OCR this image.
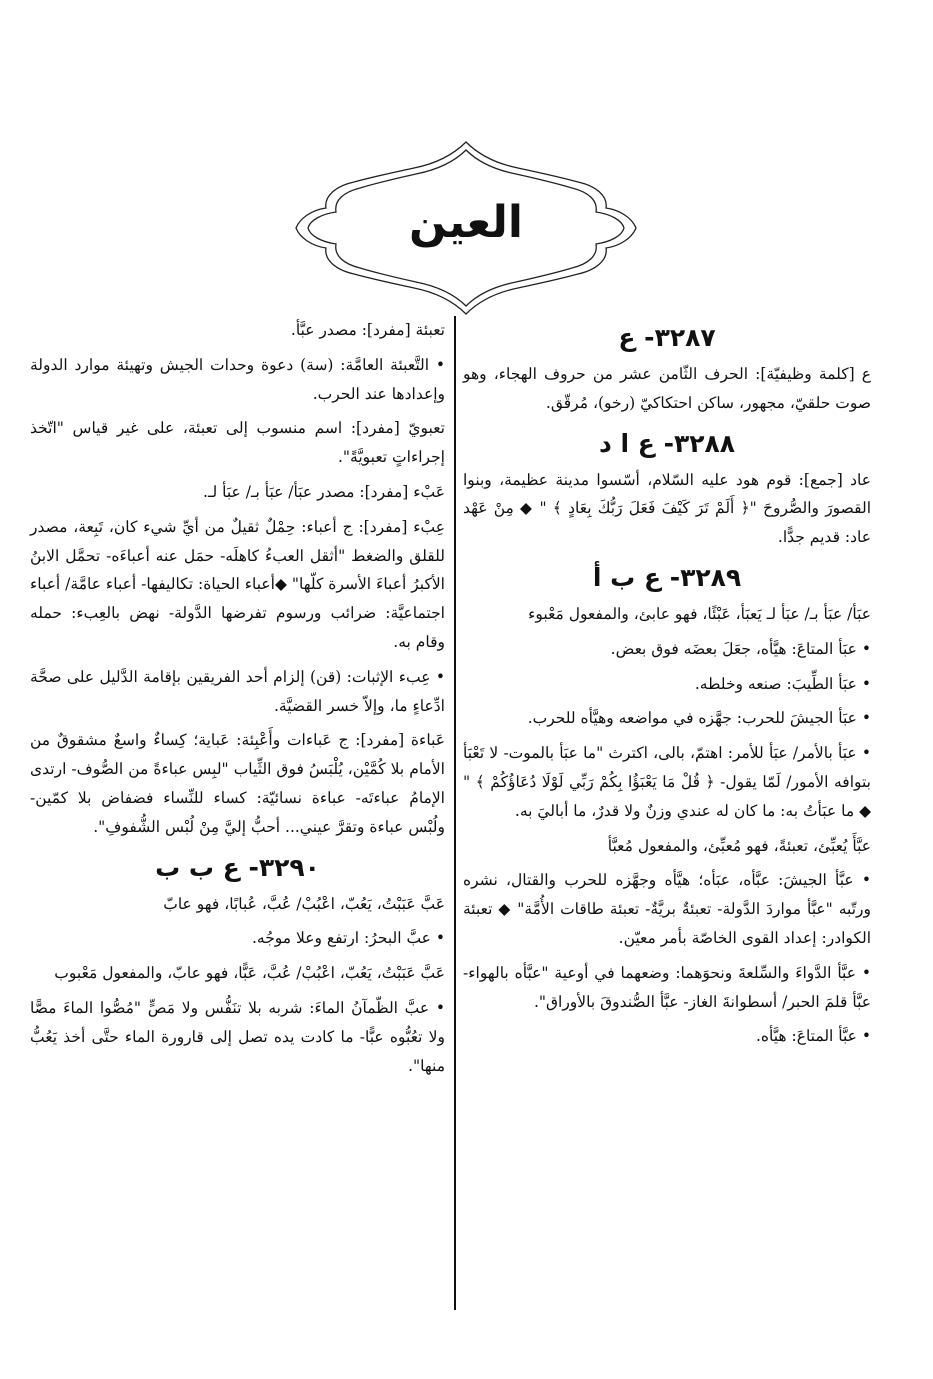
العين
٣٢٨٧- ع
ع [كلمة وظيفيّة]: الحرف الثّامن عشر من حروف الهجاء، وهو صوت حلقيّ، مجهور، ساكن احتكاكيّ (رخو)، مُرقّق.
٣٢٨٨- ع ا د
عاد [جمع]: قوم هود عليه السّلام، أسّسوا مدينة عظيمة، وبنوا القصورَ والصُّروحَ "﴿ أَلَمْ تَرَ كَيْفَ فَعَلَ رَبُّكَ بِعَادٍ ﴾ " ◆ مِنْ عَهْد عاد: قديم جدًّا.
٣٢٨٩- ع ب أ
عبَأ/ عبَأ بـ/ عبَأ لـ يَعبَأ، عَبْئًا، فهو عابئ، والمفعول مَعْبوء
• عبَأ المتاعَ: هيَّأه، جعَلَ بعضَه فوق بعض.
• عبَأ الطِّيبَ: صنعه وخلطه.
• عبَأ الجيشَ للحرب: جهَّزه في مواضعه وهيَّأه للحرب.
• عبَأ بالأمر/ عبَأ للأمر: اهتمّ، بالى، اكترث "ما عبَأ بالموت- لا تَعْبَأ بتوافه الأمور/ لَمّا يقول- ﴿ قُلْ مَا يَعْبَؤُا بِكُمْ رَبِّي لَوْلَا دُعَاؤُكُمْ ﴾ " ◆ ما عبَأتُ به: ما كان له عندي وزنٌ ولا قدرٌ، ما أباليَ به.
عبَّأَ يُعبِّئ، تعبئةً، فهو مُعبِّئ، والمفعول مُعبَّأ
• عبَّأ الجيشَ: عبَّأه، عبَأه؛ هيَّأه وجهَّزه للحرب والقتال، نشره ورتّبه "عبَّأ مواردَ الدَّولة- تعبئةٌ بريَّةٌ- تعبئة طاقات الأُمَّة" ◆ تعبئة الكوادر: إعداد القوى الخاصّة بأمر معيّن.
• عبَّأ الدَّواءَ والسِّلعةَ ونحوَهما: وضعهما في أوعية "عبَّأه بالهواء- عبَّأ قلمَ الحبر/ أسطوانةَ الغاز- عبَّأ الصُّندوقَ بالأوراق".
• عبَّأ المتاعَ: هيَّأه.
تعبئة [مفرد]: مصدر عبَّأ.
• التَّعبئة العامَّة: (سة) دعوة وحدات الجيش وتهيئة موارد الدولة وإعدادها عند الحرب.
تعبويّ [مفرد]: اسم منسوب إلى تعبئة، على غير قياس "اتّخذ إجراءاتٍ تعبويَّةً".
عَبْء [مفرد]: مصدر عبَأ/ عبَأ بـ/ عبَأ لـ.
عِبْء [مفرد]: ج أعباء: حِمْلٌ ثقيلٌ من أيِّ شيء كان، تَبِعة، مصدر للقلق والضغط "أثقل العبءُ كاهلَه- حمَل عنه أعباءَه- تحمَّل الابنُ الأكبرُ أعباءَ الأسرة كلّها" ◆أعباء الحياة: تكاليفها- أعباء عامَّة/ أعباء اجتماعيَّة: ضرائب ورسوم تفرضها الدَّولة- نهض بالعِبء: حمله وقام به.
• عِبء الإثبات: (قن) إلزام أحد الفريقين بإقامة الدَّليل على صحَّة ادِّعاءٍ ما، وإلاّ خسر القضيَّة.
عَباءة [مفرد]: ج عَباءات وأَعْبِئة: عَباية؛ كِساءٌ واسعٌ مشقوقٌ من الأمام بلا كُمَّيْن، يُلْبَسُ فوق الثِّياب "لبِس عباءةً من الصُّوف- ارتدى الإمامُ عباءتَه- عباءة نسائيّة: كساء للنِّساء فضفاض بلا كمّين- ولُبْس عباءة وتقرَّ عيني... أحبُّ إليَّ مِنْ لُبْس الشُّفوفِ".
٣٢٩٠- ع ب ب
عَبَّ عَبَبْتُ، يَعُبّ، اعْبُبْ/ عُبَّ، عُبابًا، فهو عابّ
• عبَّ البحرُ: ارتفع وعلا موجُه.
عَبَّ عَبَبْتُ، يَعُبّ، اعْبُبْ/ عُبَّ، عَبًّا، فهو عابّ، والمفعول مَعْبوب
• عبَّ الظّمآنُ الماءَ: شربه بلا تنَفُّس ولا مَصٍّ "مُصُّوا الماءَ مصًّا ولا تعُبُّوه عبًّا- ما كادت يده تصل إلى قارورة الماء حتَّى أخذ يَعُبُّ منها".
